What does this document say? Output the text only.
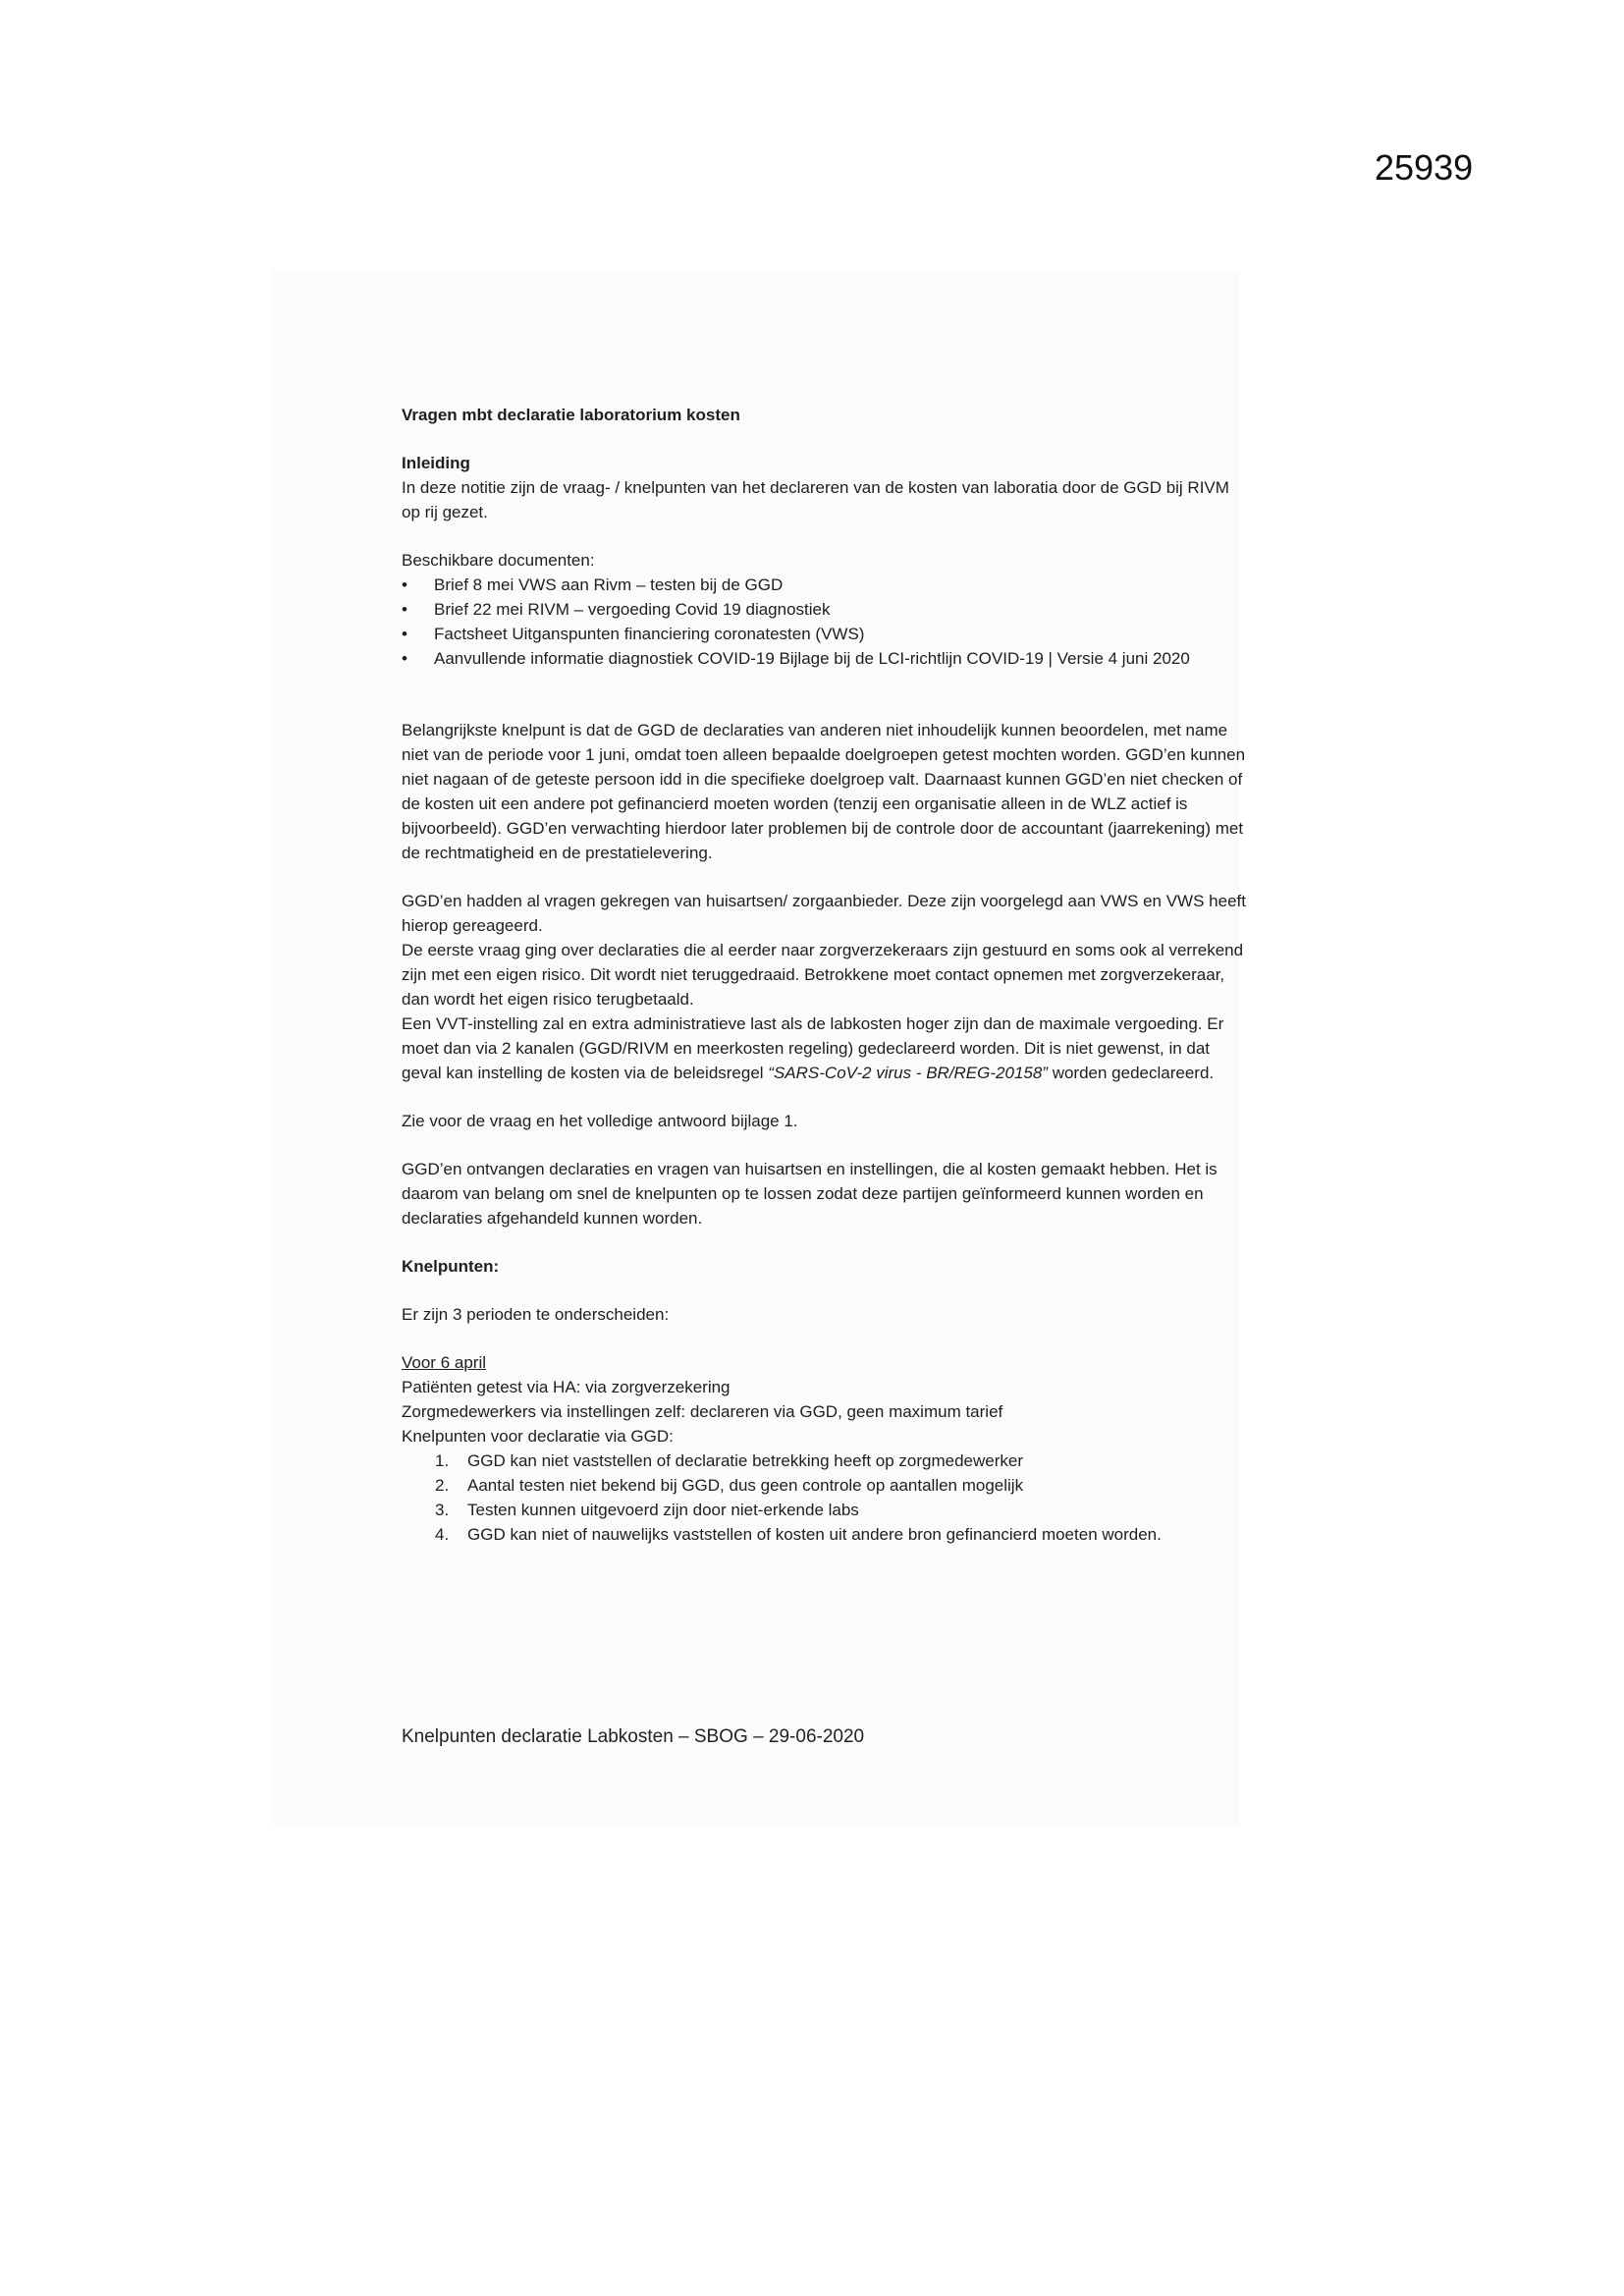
25939

Vragen mbt declaratie laboratorium kosten

Inleiding

In deze notitie zijn de vraag- / knelpunten van het declareren van de kosten van laboratia door de GGD bij RIVM op rij gezet.

Beschikbare documenten:

•	Brief 8 mei VWS aan Rivm – testen bij de GGD
•	Brief 22 mei RIVM – vergoeding Covid 19 diagnostiek
•	Factsheet Uitganspunten financiering coronatesten (VWS)
•	Aanvullende informatie diagnostiek COVID-19 Bijlage bij de LCI-richtlijn COVID-19 | Versie 4 juni 2020

Belangrijkste knelpunt is dat de GGD de declaraties van anderen niet inhoudelijk kunnen beoordelen, met name niet van de periode voor 1 juni, omdat toen alleen bepaalde doelgroepen getest mochten worden. GGD’en kunnen niet nagaan of de geteste persoon idd in die specifieke doelgroep valt. Daarnaast kunnen GGD’en niet checken of de kosten uit een andere pot gefinancierd moeten worden (tenzij een organisatie alleen in de WLZ actief is bijvoorbeeld). GGD’en verwachting hierdoor later problemen bij de controle door de accountant (jaarrekening) met de rechtmatigheid en de prestatielevering.

GGD’en hadden al vragen gekregen van huisartsen/ zorgaanbieder. Deze zijn voorgelegd aan VWS en VWS heeft hierop gereageerd.

De eerste vraag ging over declaraties die al eerder naar zorgverzekeraars zijn gestuurd en soms ook al verrekend zijn met een eigen risico. Dit wordt niet teruggedraaid. Betrokkene moet contact opnemen met zorgverzekeraar, dan wordt het eigen risico terugbetaald.

Een VVT-instelling zal en extra administratieve last als de labkosten hoger zijn dan de maximale vergoeding. Er moet dan via 2 kanalen (GGD/RIVM en meerkosten regeling) gedeclareerd worden. Dit is niet gewenst, in dat geval kan instelling de kosten via de beleidsregel “SARS-CoV-2 virus - BR/REG-20158” worden gedeclareerd.

Zie voor de vraag en het volledige antwoord bijlage 1.

GGD’en ontvangen declaraties en vragen van huisartsen en instellingen, die al kosten gemaakt hebben. Het is daarom van belang om snel de knelpunten op te lossen zodat deze partijen geïnformeerd kunnen worden en declaraties afgehandeld kunnen worden.

Knelpunten:

Er zijn 3 perioden te onderscheiden:

Voor 6 april

Patiënten getest via HA: via zorgverzekering

Zorgmedewerkers via instellingen zelf: declareren via GGD, geen maximum tarief

Knelpunten voor declaratie via GGD:

1. GGD kan niet vaststellen of declaratie betrekking heeft op zorgmedewerker
2. Aantal testen niet bekend bij GGD, dus geen controle op aantallen mogelijk
3. Testen kunnen uitgevoerd zijn door niet-erkende labs
4. GGD kan niet of nauwelijks vaststellen of kosten uit andere bron gefinancierd moeten worden.
Knelpunten declaratie Labkosten – SBOG – 29-06-2020
